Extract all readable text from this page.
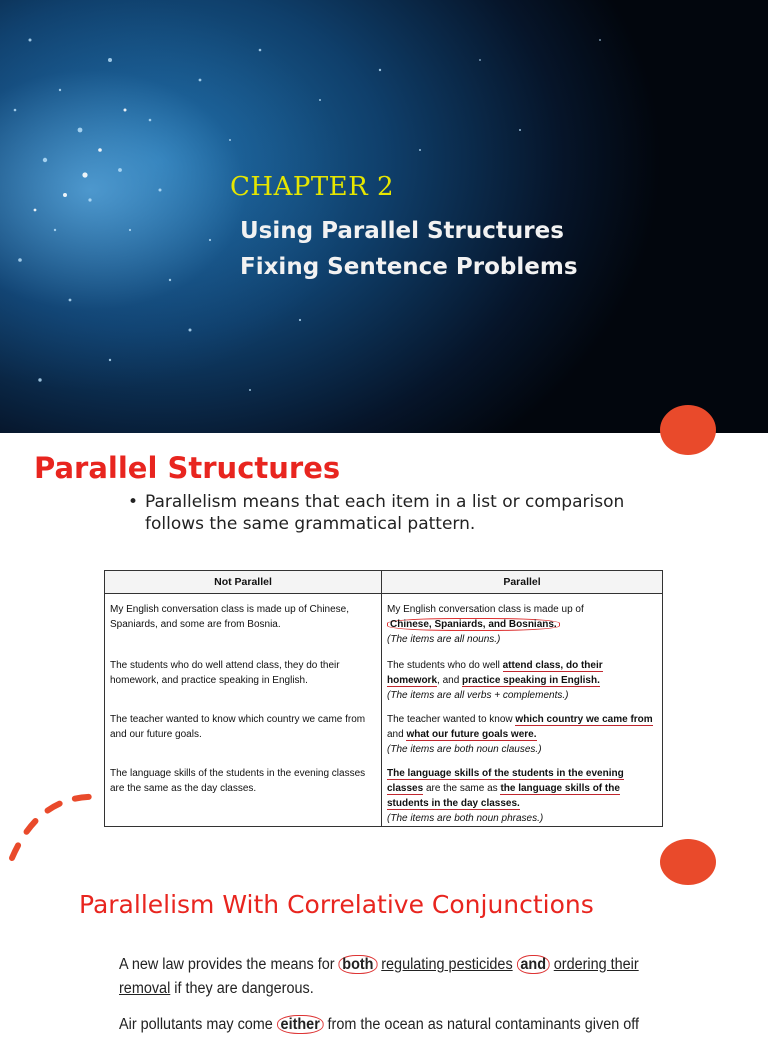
CHAPTER 2
Using Parallel Structures
Fixing Sentence Problems
Parallel Structures
• Parallelism means that each item in a list or comparison follows the same grammatical pattern.
Not Parallel	Parallel
My English conversation class is made up of Chinese, Spaniards, and some are from Bosnia.	My English conversation class is made up of
Chinese, Spaniards, and Bosnians.
(The items are all nouns.)

The students who do well attend class, they do their homework, and practice speaking in English.	The students who do well attend class, do their homework, and practice speaking in English.
(The items are all verbs + complements.)

The teacher wanted to know which country we came from and our future goals.	The teacher wanted to know which country we came from and what our future goals were.
(The items are both noun clauses.)

The language skills of the students in the evening classes are the same as the day classes.	The language skills of the students in the evening classes are the same as the language skills of the students in the day classes.
(The items are both noun phrases.)
Parallelism With Correlative Conjunctions
A new law provides the means for both regulating pesticides and ordering their
removal if they are dangerous.
Air pollutants may come either from the ocean as natural contaminants given off
